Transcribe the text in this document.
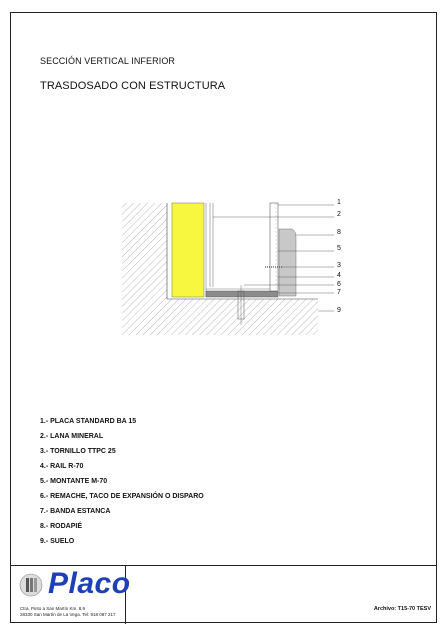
SECCIÓN VERTICAL INFERIOR
TRASDOSADO CON ESTRUCTURA
1
2
8
5
3
4
6
7
9
1.- PLACA STANDARD BA 15
2.- LANA MINERAL
3.- TORNILLO TTPC 25
4.- RAIL R-70
5.- MONTANTE M-70
6.- REMACHE, TACO DE EXPANSIÓN O DISPARO
7.- BANDA ESTANCA
8.- RODAPIÉ
9.- SUELO
Placo
Ctra. Pinto a San Martín Km. 8,9
28330 San Martín de La Vega. Tel: 918 087 217
Archivo: T15-70 TESV
